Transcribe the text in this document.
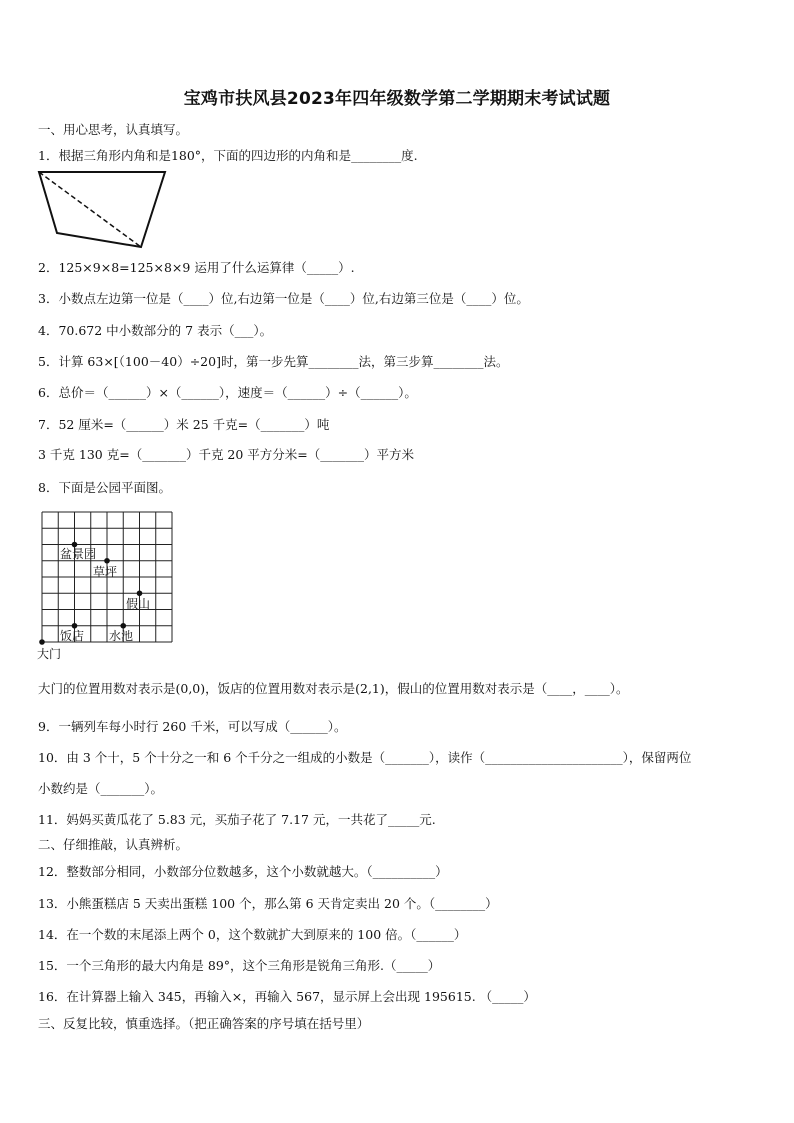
宝鸡市扶风县2023年四年级数学第二学期期末考试试题
一、用心思考，认真填写。
1．根据三角形内角和是180°，下面的四边形的内角和是________度.
2．125×9×8=125×8×9 运用了什么运算律（_____）.
3．小数点左边第一位是（____）位,右边第一位是（____）位,右边第三位是（____）位。
4．70.672 中小数部分的 7 表示（___）。
5．计算 63×[（100－40）÷20]时，第一步先算________法，第三步算________法。
6．总价＝（______）×（______），速度＝（______）÷（______）。
7．52 厘米=（______）米 25 千克=（_______）吨
3 千克 130 克=（_______）千克 20 平方分米=（_______）平方米
8．下面是公园平面图。
盆景园
草坪
假山
饭店 水池
大门
大门的位置用数对表示是(0,0)，饭店的位置用数对表示是(2,1)，假山的位置用数对表示是（____，____）。
9．一辆列车每小时行 260 千米，可以写成（______）。
10．由 3 个十，5 个十分之一和 6 个千分之一组成的小数是（_______），读作（______________________），保留两位
小数约是（_______）。
11．妈妈买黄瓜花了 5.83 元，买茄子花了 7.17 元，一共花了_____元.
二、仔细推敲，认真辨析。
12．整数部分相同，小数部分位数越多，这个小数就越大。（__________）
13．小熊蛋糕店 5 天卖出蛋糕 100 个，那么第 6 天肯定卖出 20 个。（________）
14．在一个数的末尾添上两个 0，这个数就扩大到原来的 100 倍。（______）
15．一个三角形的最大内角是 89°，这个三角形是锐角三角形.（_____）
16．在计算器上输入 345，再输入×，再输入 567，显示屏上会出现 195615. （_____）
三、反复比较，慎重选择。（把正确答案的序号填在括号里）
